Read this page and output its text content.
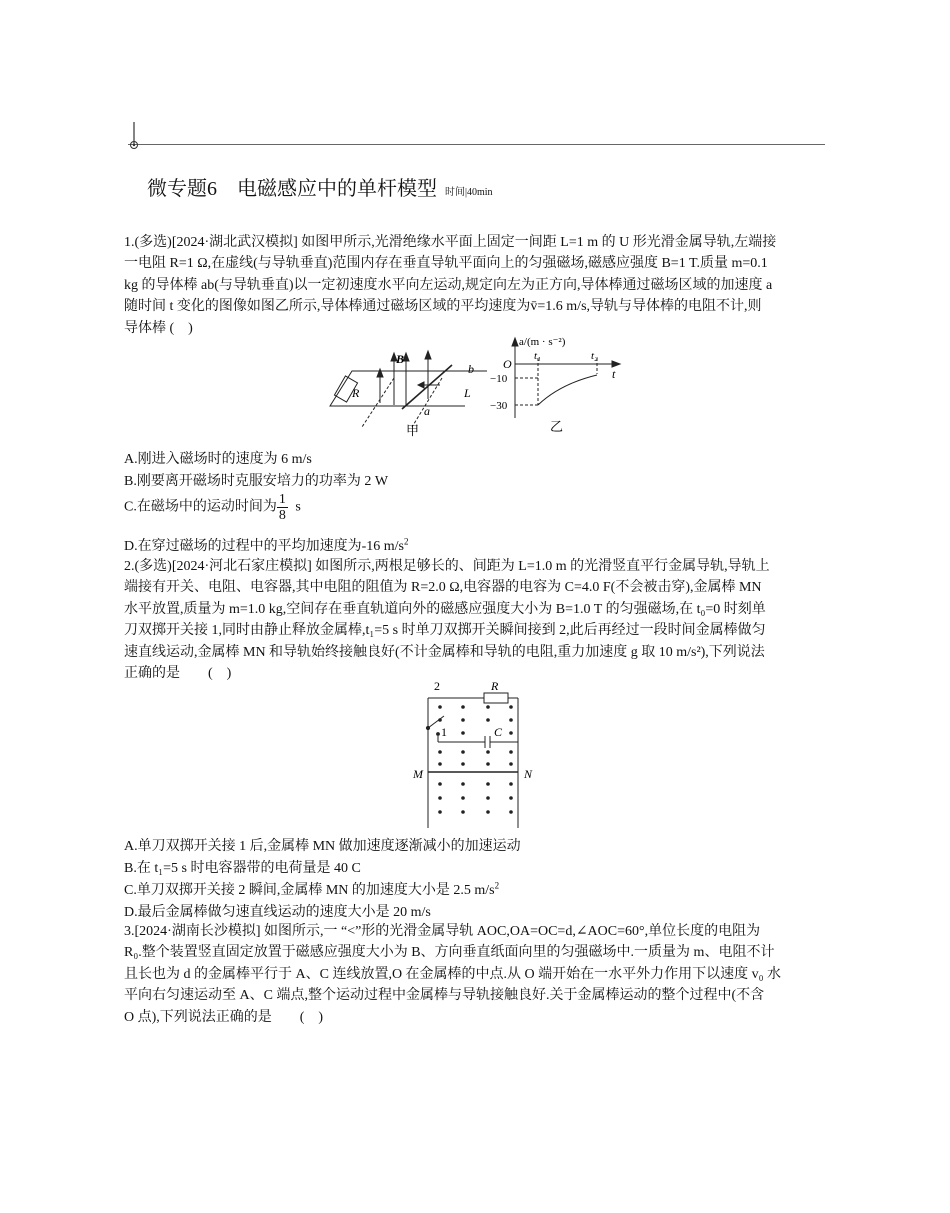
微专题6　电磁感应中的单杆模型 时间|40min
1.(多选)[2024·湖北武汉模拟] 如图甲所示,光滑绝缘水平面上固定一间距 L=1 m 的 U 形光滑金属导轨,左端接
一电阻 R=1 Ω,在虚线(与导轨垂直)范围内存在垂直导轨平面向上的匀强磁场,磁感应强度 B=1 T.质量 m=0.1
kg 的导体棒 ab(与导轨垂直)以一定初速度水平向左运动,规定向左为正方向,导体棒通过磁场区域的加速度 a
随时间 t 变化的图像如图乙所示,导体棒通过磁场区域的平均速度为v̄=1.6 m/s,导轨与导体棒的电阻不计,则
导体棒 (　)
R
B
L
a
b
甲
a/(m · s⁻²)
O
t₁	t₂
t
−10
−30
乙
A.刚进入磁场时的速度为 6 m/s
B.刚要离开磁场时克服安培力的功率为 2 W
C.在磁场中的运动时间为 $\frac{1}{8}$ s
D.在穿过磁场的过程中的平均加速度为-16 $m/s^2$
2.(多选)[2024·河北石家庄模拟] 如图所示,两根足够长的、间距为 L=1.0 m 的光滑竖直平行金属导轨,导轨上
端接有开关、电阻、电容器,其中电阻的阻值为 R=2.0 Ω,电容器的电容为 C=4.0 F(不会被击穿),金属棒 MN
水平放置,质量为 m=1.0 kg,空间存在垂直轨道向外的磁感应强度大小为 B=1.0 T 的匀强磁场,在 t₀=0 时刻单
刀双掷开关接 1,同时由静止释放金属棒,t₁=5 s 时单刀双掷开关瞬间接到 2,此后再经过一段时间金属棒做匀
速直线运动,金属棒 MN 和导轨始终接触良好(不计金属棒和导轨的电阻,重力加速度 g 取 10 m/s²),下列说法
正确的是　　(　)
2	R
1	C
M	N
A.单刀双掷开关接 1 后,金属棒 MN 做加速度逐渐减小的加速运动
B.在 t₁=5 s 时电容器带的电荷量是 40 C
C.单刀双掷开关接 2 瞬间,金属棒 MN 的加速度大小是 2.5 $m/s^2$
D.最后金属棒做匀速直线运动的速度大小是 20 m/s
3.[2024·湖南长沙模拟] 如图所示,一 “<”形的光滑金属导轨 AOC,OA=OC=d,∠AOC=60°,单位长度的电阻为
R₀.整个装置竖直固定放置于磁感应强度大小为 B、方向垂直纸面向里的匀强磁场中.一质量为 m、电阻不计
且长也为 d 的金属棒平行于 A、C 连线放置,O 在金属棒的中点.从 O 端开始在一水平外力作用下以速度 v₀ 水
平向右匀速运动至 A、C 端点,整个运动过程中金属棒与导轨接触良好.关于金属棒运动的整个过程中(不含
O 点),下列说法正确的是　　(　)
